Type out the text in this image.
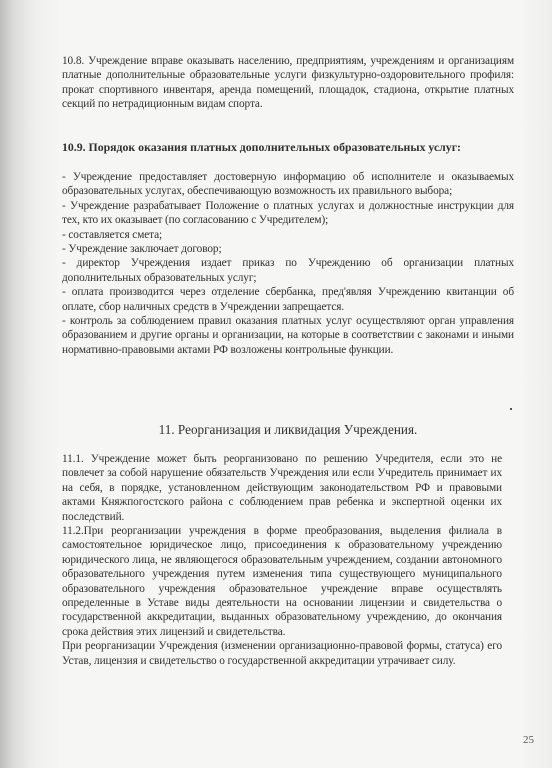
10.8. Учреждение вправе оказывать населению, предприятиям, учреждениям и организациям платные дополнительные образовательные услуги физкультурно-оздоровительного профиля: прокат спортивного инвентаря, аренда помещений, площадок, стадиона, открытие платных секций по нетрадиционным видам спорта.

10.9. Порядок оказания платных дополнительных образовательных услуг:

- Учреждение предоставляет достоверную информацию об исполнителе и оказываемых образовательных услугах, обеспечивающую возможность их правильного выбора;

- Учреждение разрабатывает Положение о платных услугах и должностные инструкции для тех, кто их оказывает (по согласованию с Учредителем);

- составляется смета;

- Учреждение заключает договор;

- директор Учреждения издает приказ по Учреждению об организации платных дополнительных образовательных услуг;

- оплата производится через отделение сбербанка, пред'являя Учреждению квитанции об оплате, сбор наличных средств в Учреждении запрещается.

- контроль за соблюдением правил оказания платных услуг осуществляют орган управления образованием и другие органы и организации, на которые в соответствии с законами и иными нормативно-правовыми актами РФ возложены контрольные функции.

11. Реорганизация и ликвидация Учреждения.

11.1. Учреждение может быть реорганизовано по решению Учредителя, если это не повлечет за собой нарушение обязательств Учреждения или если Учредитель принимает их на себя, в порядке, установленном действующим законодательством РФ и правовыми актами Княжпогостского района с соблюдением прав ребенка и экспертной оценки их последствий.

11.2.При реорганизации учреждения в форме преобразования, выделения филиала в самостоятельное юридическое лицо, присоединения к образовательному учреждению юридического лица, не являющегося образовательным учреждением, создании автономного образовательного учреждения путем изменения типа существующего муниципального образовательного учреждения образовательное учреждение вправе осуществлять определенные в Уставе виды деятельности на основании лицензии и свидетельства о государственной аккредитации, выданных образовательному учреждению, до окончания срока действия этих лицензий и свидетельства.

При реорганизации Учреждения (изменении организационно-правовой формы, статуса) его Устав, лицензия и свидетельство о государственной аккредитации утрачивает силу.

25
